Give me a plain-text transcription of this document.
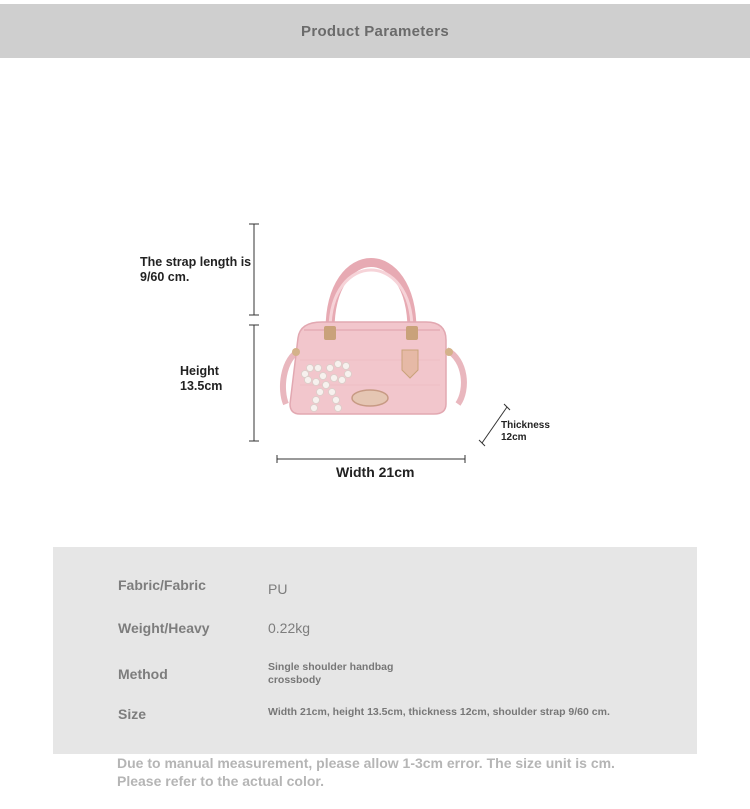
Product Parameters
The strap length is 9/60 cm.
Height 13.5cm
Width 21cm
Thickness 12cm
Fabric/Fabric	PU
Weight/Heavy	0.22kg
Method	Single shoulder handbag crossbody
Size	Width 21cm, height 13.5cm, thickness 12cm, shoulder strap 9/60 cm.
Due to manual measurement, please allow 1-3cm error. The size unit is cm. Please refer to the actual color.
